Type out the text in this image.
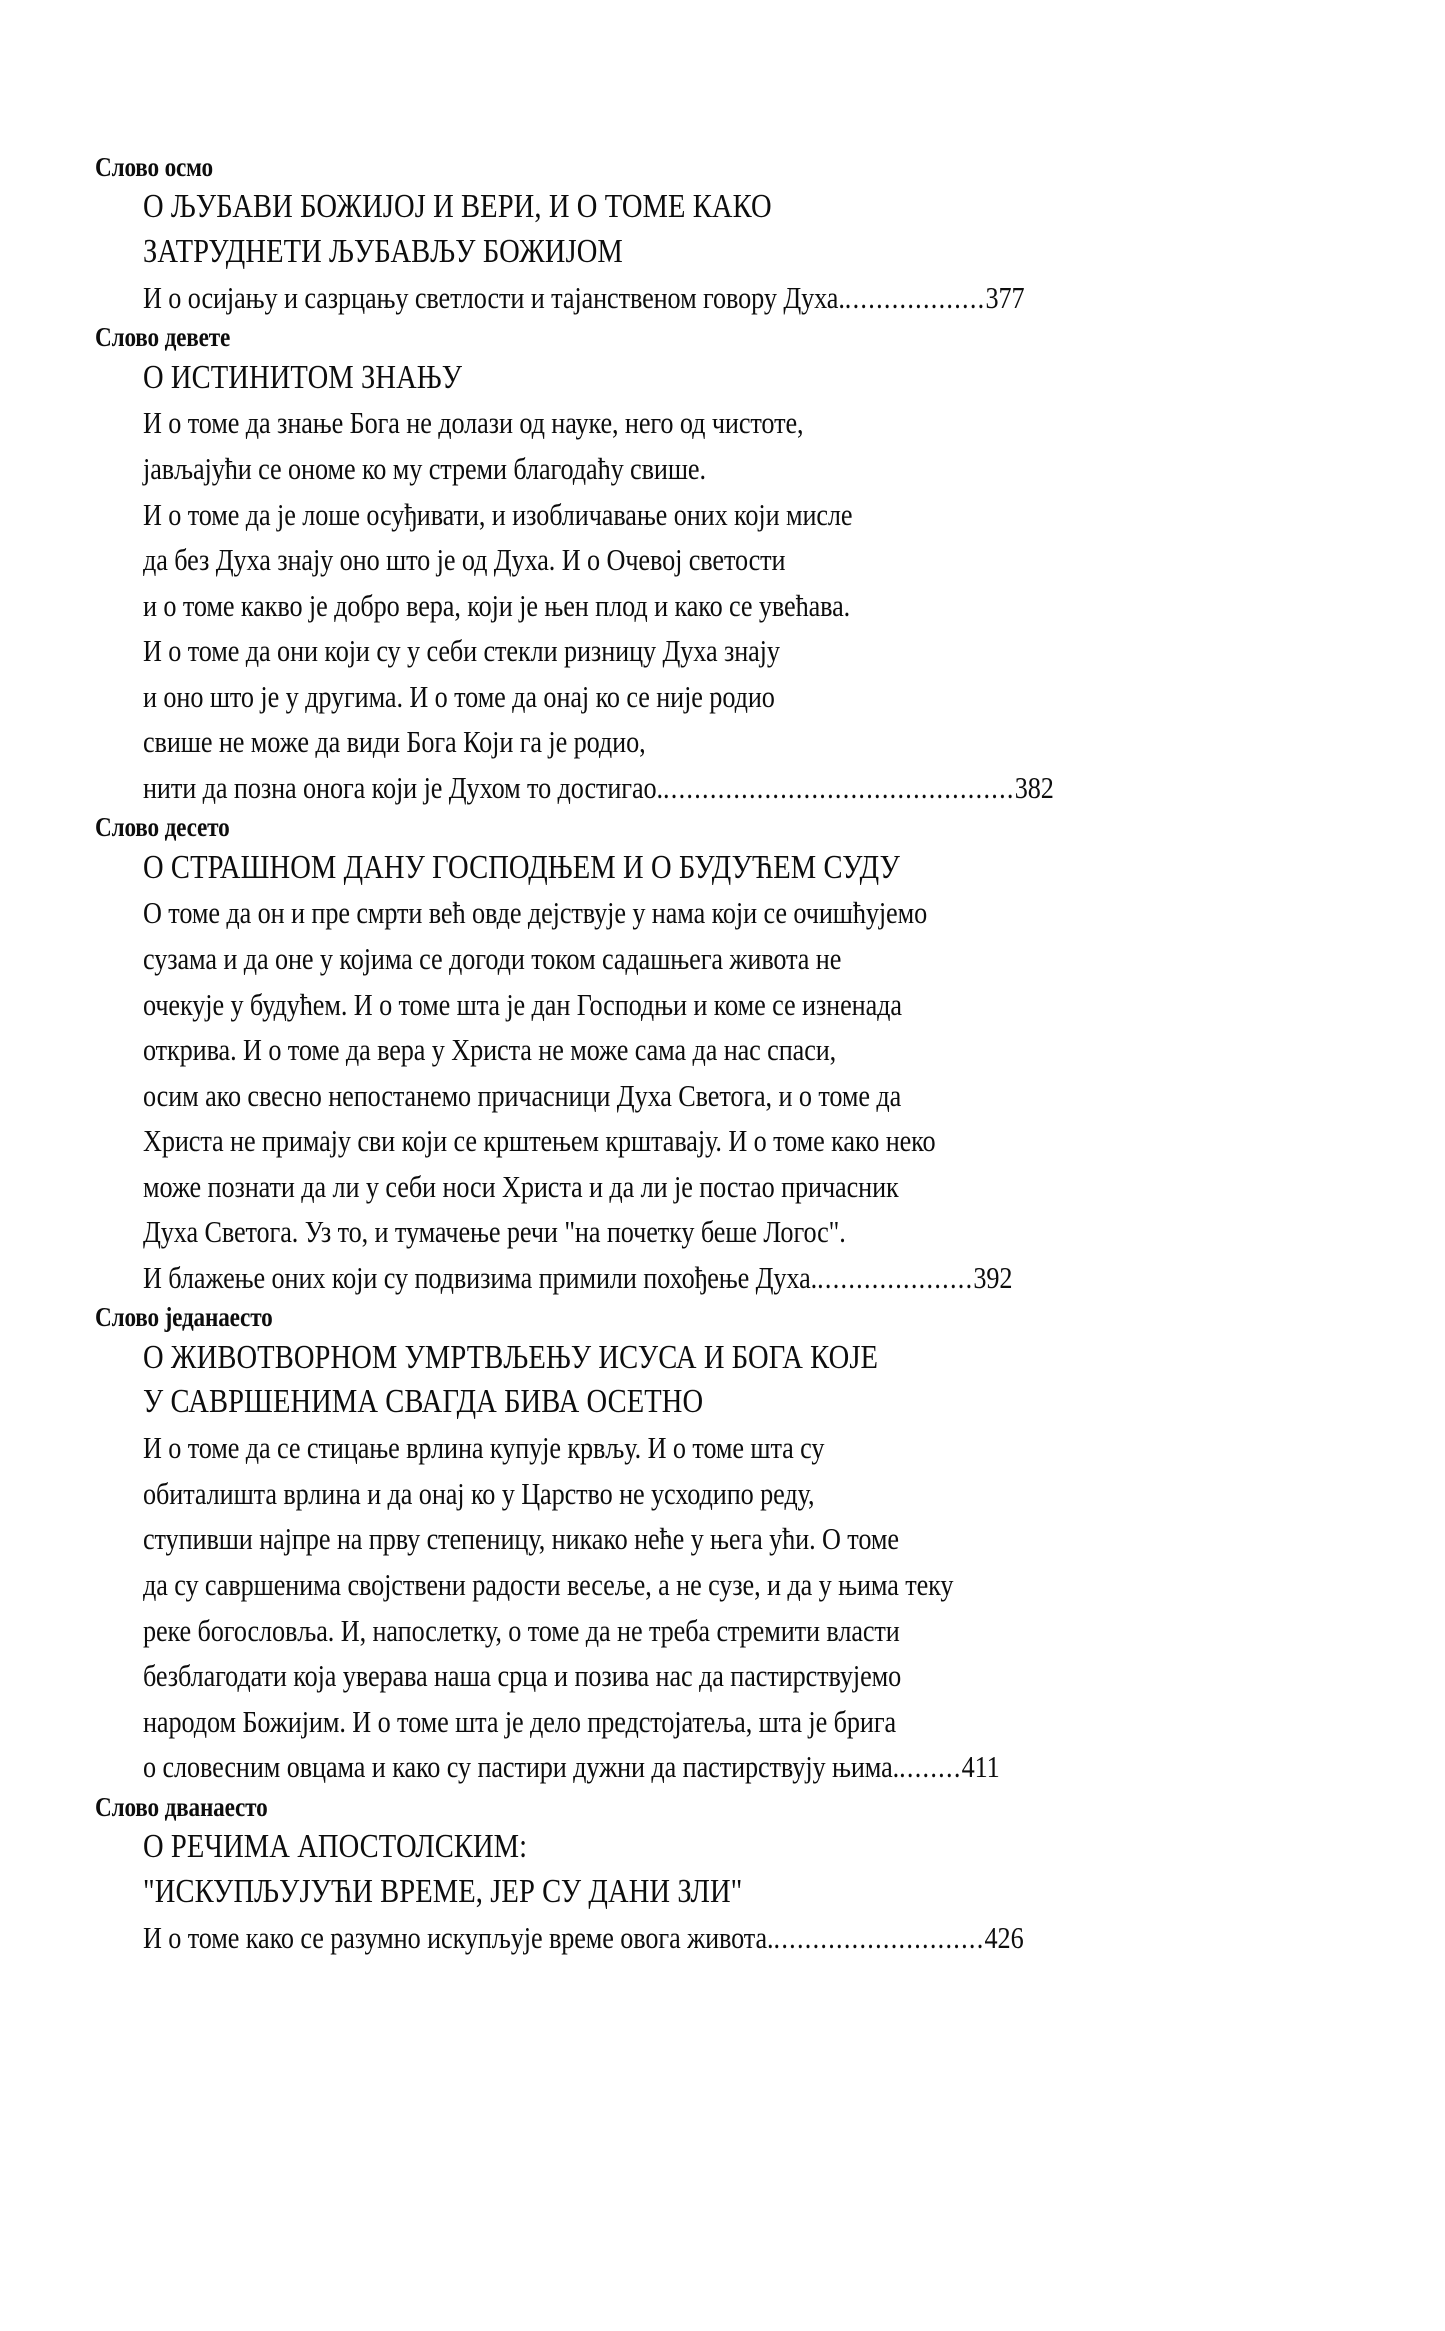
Слово осмо
О ЉУБАВИ БОЖИЈОЈ И ВЕРИ, И О ТОМЕ КАКО
ЗАТРУДНЕТИ ЉУБАВЉУ БОЖИЈОМ
И о осијању и сазрцању светлости и тајанственом говору Духа...................377
Слово девете
О ИСТИНИТОМ ЗНАЊУ
И о томе да знање Бога не долази од науке, него од чистоте,
јављајући се ономе ко му стреми благодаћу свише.
И о томе да је лоше осуђивати, и изобличавање оних који мисле
да без Духа знају оно што је од Духа. И о Очевој светости
и о томе какво је добро вера, који је њен плод и како се увећава.
И о томе да они који су у себи стекли ризницу Духа знају
и оно што је у другима. И о томе да онај ко се није родио
свише не може да види Бога Који га је родио,
нити да позна онога који је Духом то достигао..............................................382
Слово десето
О СТРАШНОМ ДАНУ ГОСПОДЊЕМ И О БУДУЋЕМ СУДУ
О томе да он и пре смрти већ овде дејствује у нама који се очишћујемо
сузама и да оне у којима се догоди током садашњега живота не
очекује у будућем. И о томе шта је дан Господњи и коме се изненада
открива. И о томе да вера у Христа не може сама да нас спаси,
осим ако свесно непостанемо причасници Духа Светога, и о томе да
Христа не примају сви који се крштењем крштавају. И о томе како неко
може познати да ли у себи носи Христа и да ли је постао причасник
Духа Светога. Уз то, и тумачење речи "на почетку беше Логос".
И блажење оних који су подвизима примили похођење Духа.....................392
Слово једанаесто
О ЖИВОТВОРНОМ УМРТВЉЕЊУ ИСУСА И БОГА КОЈЕ
У САВРШЕНИМА СВАГДА БИВА ОСЕТНО
И о томе да се стицање врлина купује крвљу. И о томе шта су
обиталишта врлина и да онај ко у Царство не усходипо реду,
ступивши најпре на прву степеницу, никако неће у њега ући. О томе
да су савршенима својствени радости весеље, а не сузе, и да у њима теку
реке богословља. И, напослетку, о томе да не треба стремити власти
безблагодати која уверава наша срца и позива нас да пастирствујемо
народом Божијим. И о томе шта је дело предстојатеља, шта је брига
о словесним овцама и како су пастири дужни да пастирствују њима.........411
Слово дванаесто
О РЕЧИМА АПОСТОЛСКИМ:
"ИСКУПЉУЈУЋИ ВРЕМЕ, ЈЕР СУ ДАНИ ЗЛИ"
И о томе како се разумно искупљује време овога живота............................426
